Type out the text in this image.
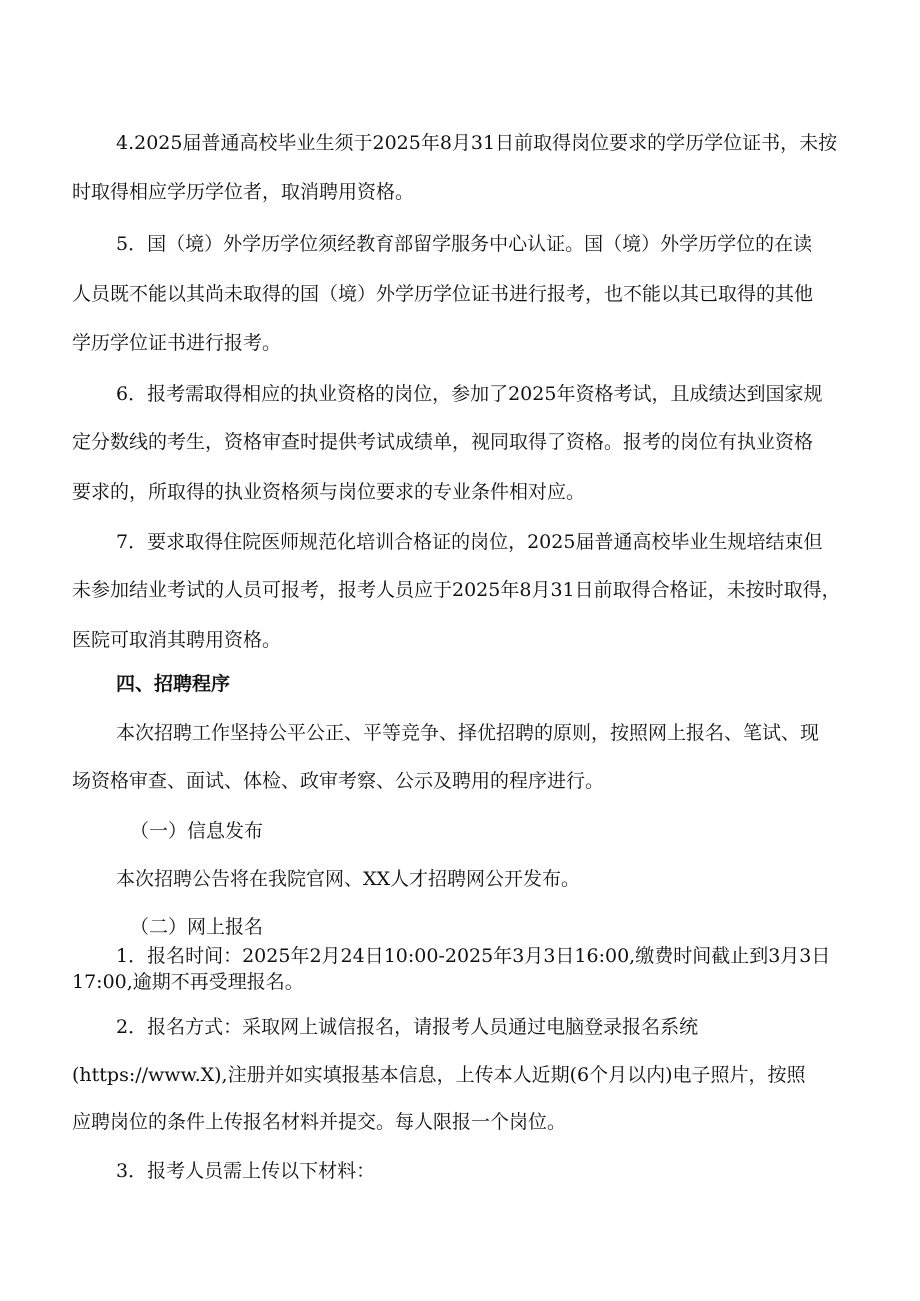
4.2025届普通高校毕业生须于2025年8月31日前取得岗位要求的学历学位证书，未按

时取得相应学历学位者，取消聘用资格。

5．国（境）外学历学位须经教育部留学服务中心认证。国（境）外学历学位的在读

人员既不能以其尚未取得的国（境）外学历学位证书进行报考，也不能以其已取得的其他

学历学位证书进行报考。

6．报考需取得相应的执业资格的岗位，参加了2025年资格考试，且成绩达到国家规

定分数线的考生，资格审查时提供考试成绩单，视同取得了资格。报考的岗位有执业资格

要求的，所取得的执业资格须与岗位要求的专业条件相对应。

7．要求取得住院医师规范化培训合格证的岗位，2025届普通高校毕业生规培结束但

未参加结业考试的人员可报考，报考人员应于2025年8月31日前取得合格证，未按时取得，

医院可取消其聘用资格。

四、招聘程序

本次招聘工作坚持公平公正、平等竞争、择优招聘的原则，按照网上报名、笔试、现

场资格审查、面试、体检、政审考察、公示及聘用的程序进行。

（一）信息发布

本次招聘公告将在我院官网、XX人才招聘网公开发布。

（二）网上报名

1．报名时间：2025年2月24日10:00-2025年3月3日16:00,缴费时间截止到3月3日

17:00,逾期不再受理报名。

2．报名方式：采取网上诚信报名，请报考人员通过电脑登录报名系统

(https://www.X),注册并如实填报基本信息，上传本人近期(6个月以内)电子照片，按照

应聘岗位的条件上传报名材料并提交。每人限报一个岗位。

3．报考人员需上传以下材料：
